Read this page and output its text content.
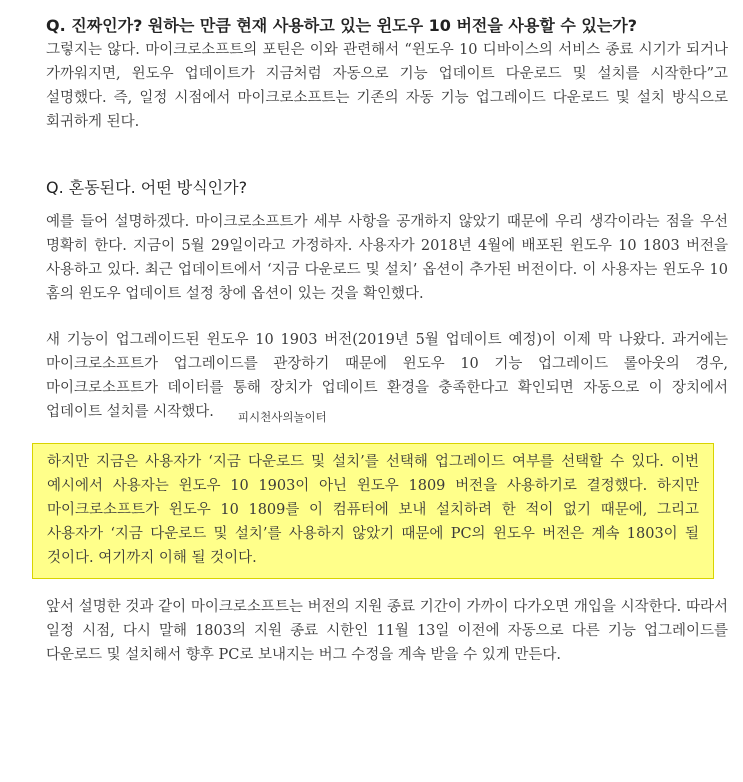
Q. 진짜인가? 원하는 만큼 현재 사용하고 있는 윈도우 10 버전을 사용할 수 있는가?

그렇지는 않다. 마이크로소프트의 포틴은 이와 관련해서 “윈도우 10 디바이스의 서비스 종료 시기가 되거나 가까워지면, 윈도우 업데이트가 지금처럼 자동으로 기능 업데이트 다운로드 및 설치를 시작한다”고 설명했다. 즉, 일정 시점에서 마이크로소프트는 기존의 자동 기능 업그레이드 다운로드 및 설치 방식으로 회귀하게 된다.

Q. 혼동된다. 어떤 방식인가?

예를 들어 설명하겠다. 마이크로소프트가 세부 사항을 공개하지 않았기 때문에 우리 생각이라는 점을 우선 명확히 한다. 지금이 5월 29일이라고 가정하자. 사용자가 2018년 4월에 배포된 윈도우 10 1803 버전을 사용하고 있다. 최근 업데이트에서 ‘지금 다운로드 및 설치’ 옵션이 추가된 버전이다. 이 사용자는 윈도우 10 홈의 윈도우 업데이트 설정 창에 옵션이 있는 것을 확인했다.

새 기능이 업그레이드된 윈도우 10 1903 버전(2019년 5월 업데이트 예정)이 이제 막 나왔다. 과거에는 마이크로소프트가 업그레이드를 관장하기 때문에 윈도우 10 기능 업그레이드 롤아웃의 경우, 마이크로소프트가 데이터를 통해 장치가 업데이트 환경을 충족한다고 확인되면 자동으로 이 장치에서 업데이트 설치를 시작했다. 피시천사의놀이터

하지만 지금은 사용자가 ‘지금 다운로드 및 설치’를 선택해 업그레이드 여부를 선택할 수 있다. 이번 예시에서 사용자는 윈도우 10 1903이 아닌 윈도우 1809 버전을 사용하기로 결정했다. 하지만 마이크로소프트가 윈도우 10 1809를 이 컴퓨터에 보내 설치하려 한 적이 없기 때문에, 그리고 사용자가 ‘지금 다운로드 및 설치’를 사용하지 않았기 때문에 PC의 윈도우 버전은 계속 1803이 될 것이다. 여기까지 이해 될 것이다.

앞서 설명한 것과 같이 마이크로소프트는 버전의 지원 종료 기간이 가까이 다가오면 개입을 시작한다. 따라서 일정 시점, 다시 말해 1803의 지원 종료 시한인 11월 13일 이전에 자동으로 다른 기능 업그레이드를 다운로드 및 설치해서 향후 PC로 보내지는 버그 수정을 계속 받을 수 있게 만든다.
